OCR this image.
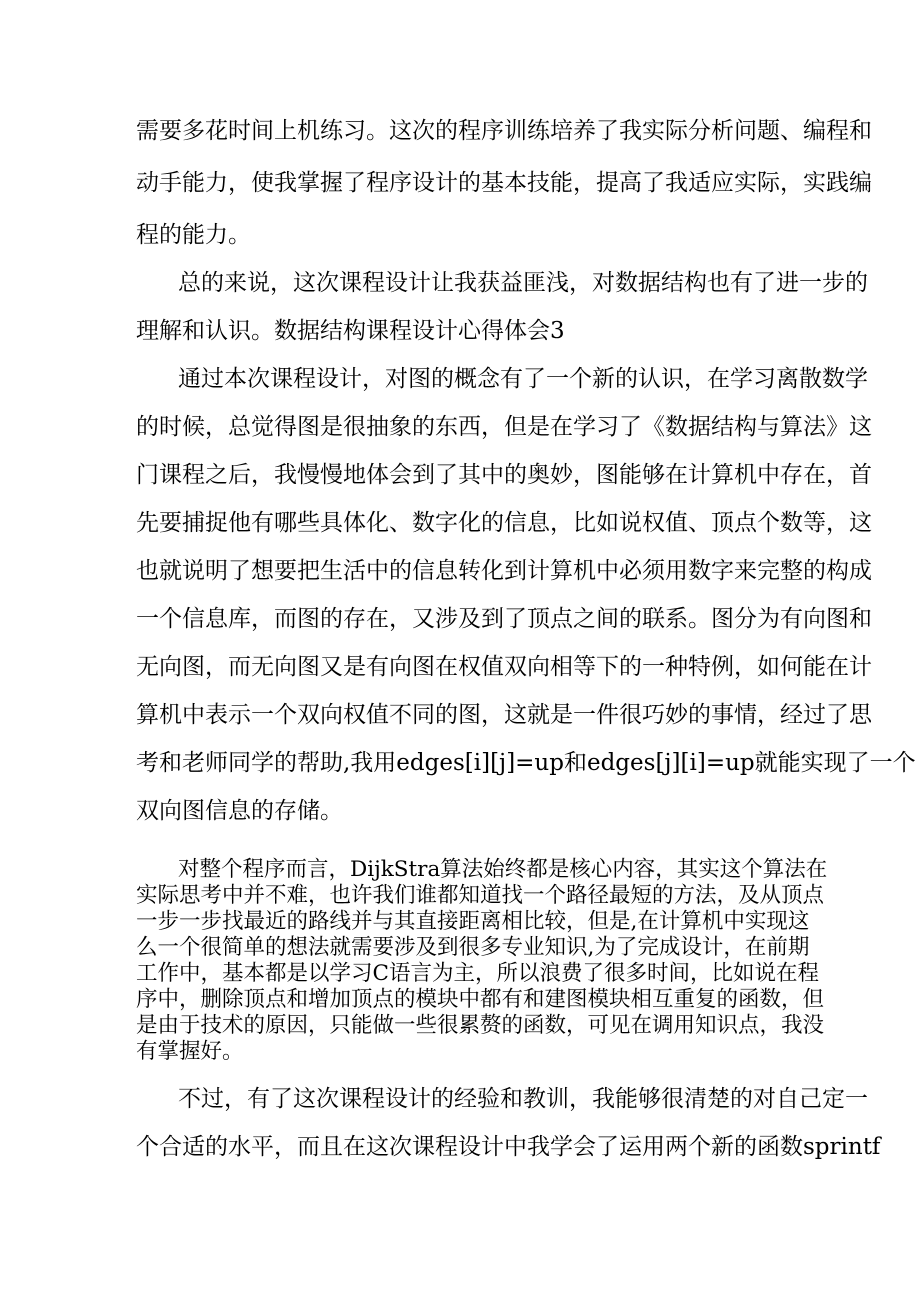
需要多花时间上机练习。这次的程序训练培养了我实际分析问题、编程和

动手能力，使我掌握了程序设计的基本技能，提高了我适应实际，实践编

程的能力。

总的来说，这次课程设计让我获益匪浅，对数据结构也有了进一步的

理解和认识。数据结构课程设计心得体会3

通过本次课程设计，对图的概念有了一个新的认识，在学习离散数学

的时候，总觉得图是很抽象的东西，但是在学习了《数据结构与算法》这

门课程之后，我慢慢地体会到了其中的奥妙，图能够在计算机中存在，首

先要捕捉他有哪些具体化、数字化的信息，比如说权值、顶点个数等，这

也就说明了想要把生活中的信息转化到计算机中必须用数字来完整的构成

一个信息库，而图的存在，又涉及到了顶点之间的联系。图分为有向图和

无向图，而无向图又是有向图在权值双向相等下的一种特例，如何能在计

算机中表示一个双向权值不同的图，这就是一件很巧妙的事情，经过了思

考和老师同学的帮助,我用edges[i][j]=up和edges[j][i]=up就能实现了一个

双向图信息的存储。

对整个程序而言，DijkStra算法始终都是核心内容，其实这个算法在

实际思考中并不难，也许我们谁都知道找一个路径最短的方法，及从顶点

一步一步找最近的路线并与其直接距离相比较，但是,在计算机中实现这

么一个很简单的想法就需要涉及到很多专业知识,为了完成设计，在前期

工作中，基本都是以学习C语言为主，所以浪费了很多时间，比如说在程

序中，删除顶点和增加顶点的模块中都有和建图模块相互重复的函数，但

是由于技术的原因，只能做一些很累赘的函数，可见在调用知识点，我没

有掌握好。

不过，有了这次课程设计的经验和教训，我能够很清楚的对自己定一

个合适的水平，而且在这次课程设计中我学会了运用两个新的函数sprintf
